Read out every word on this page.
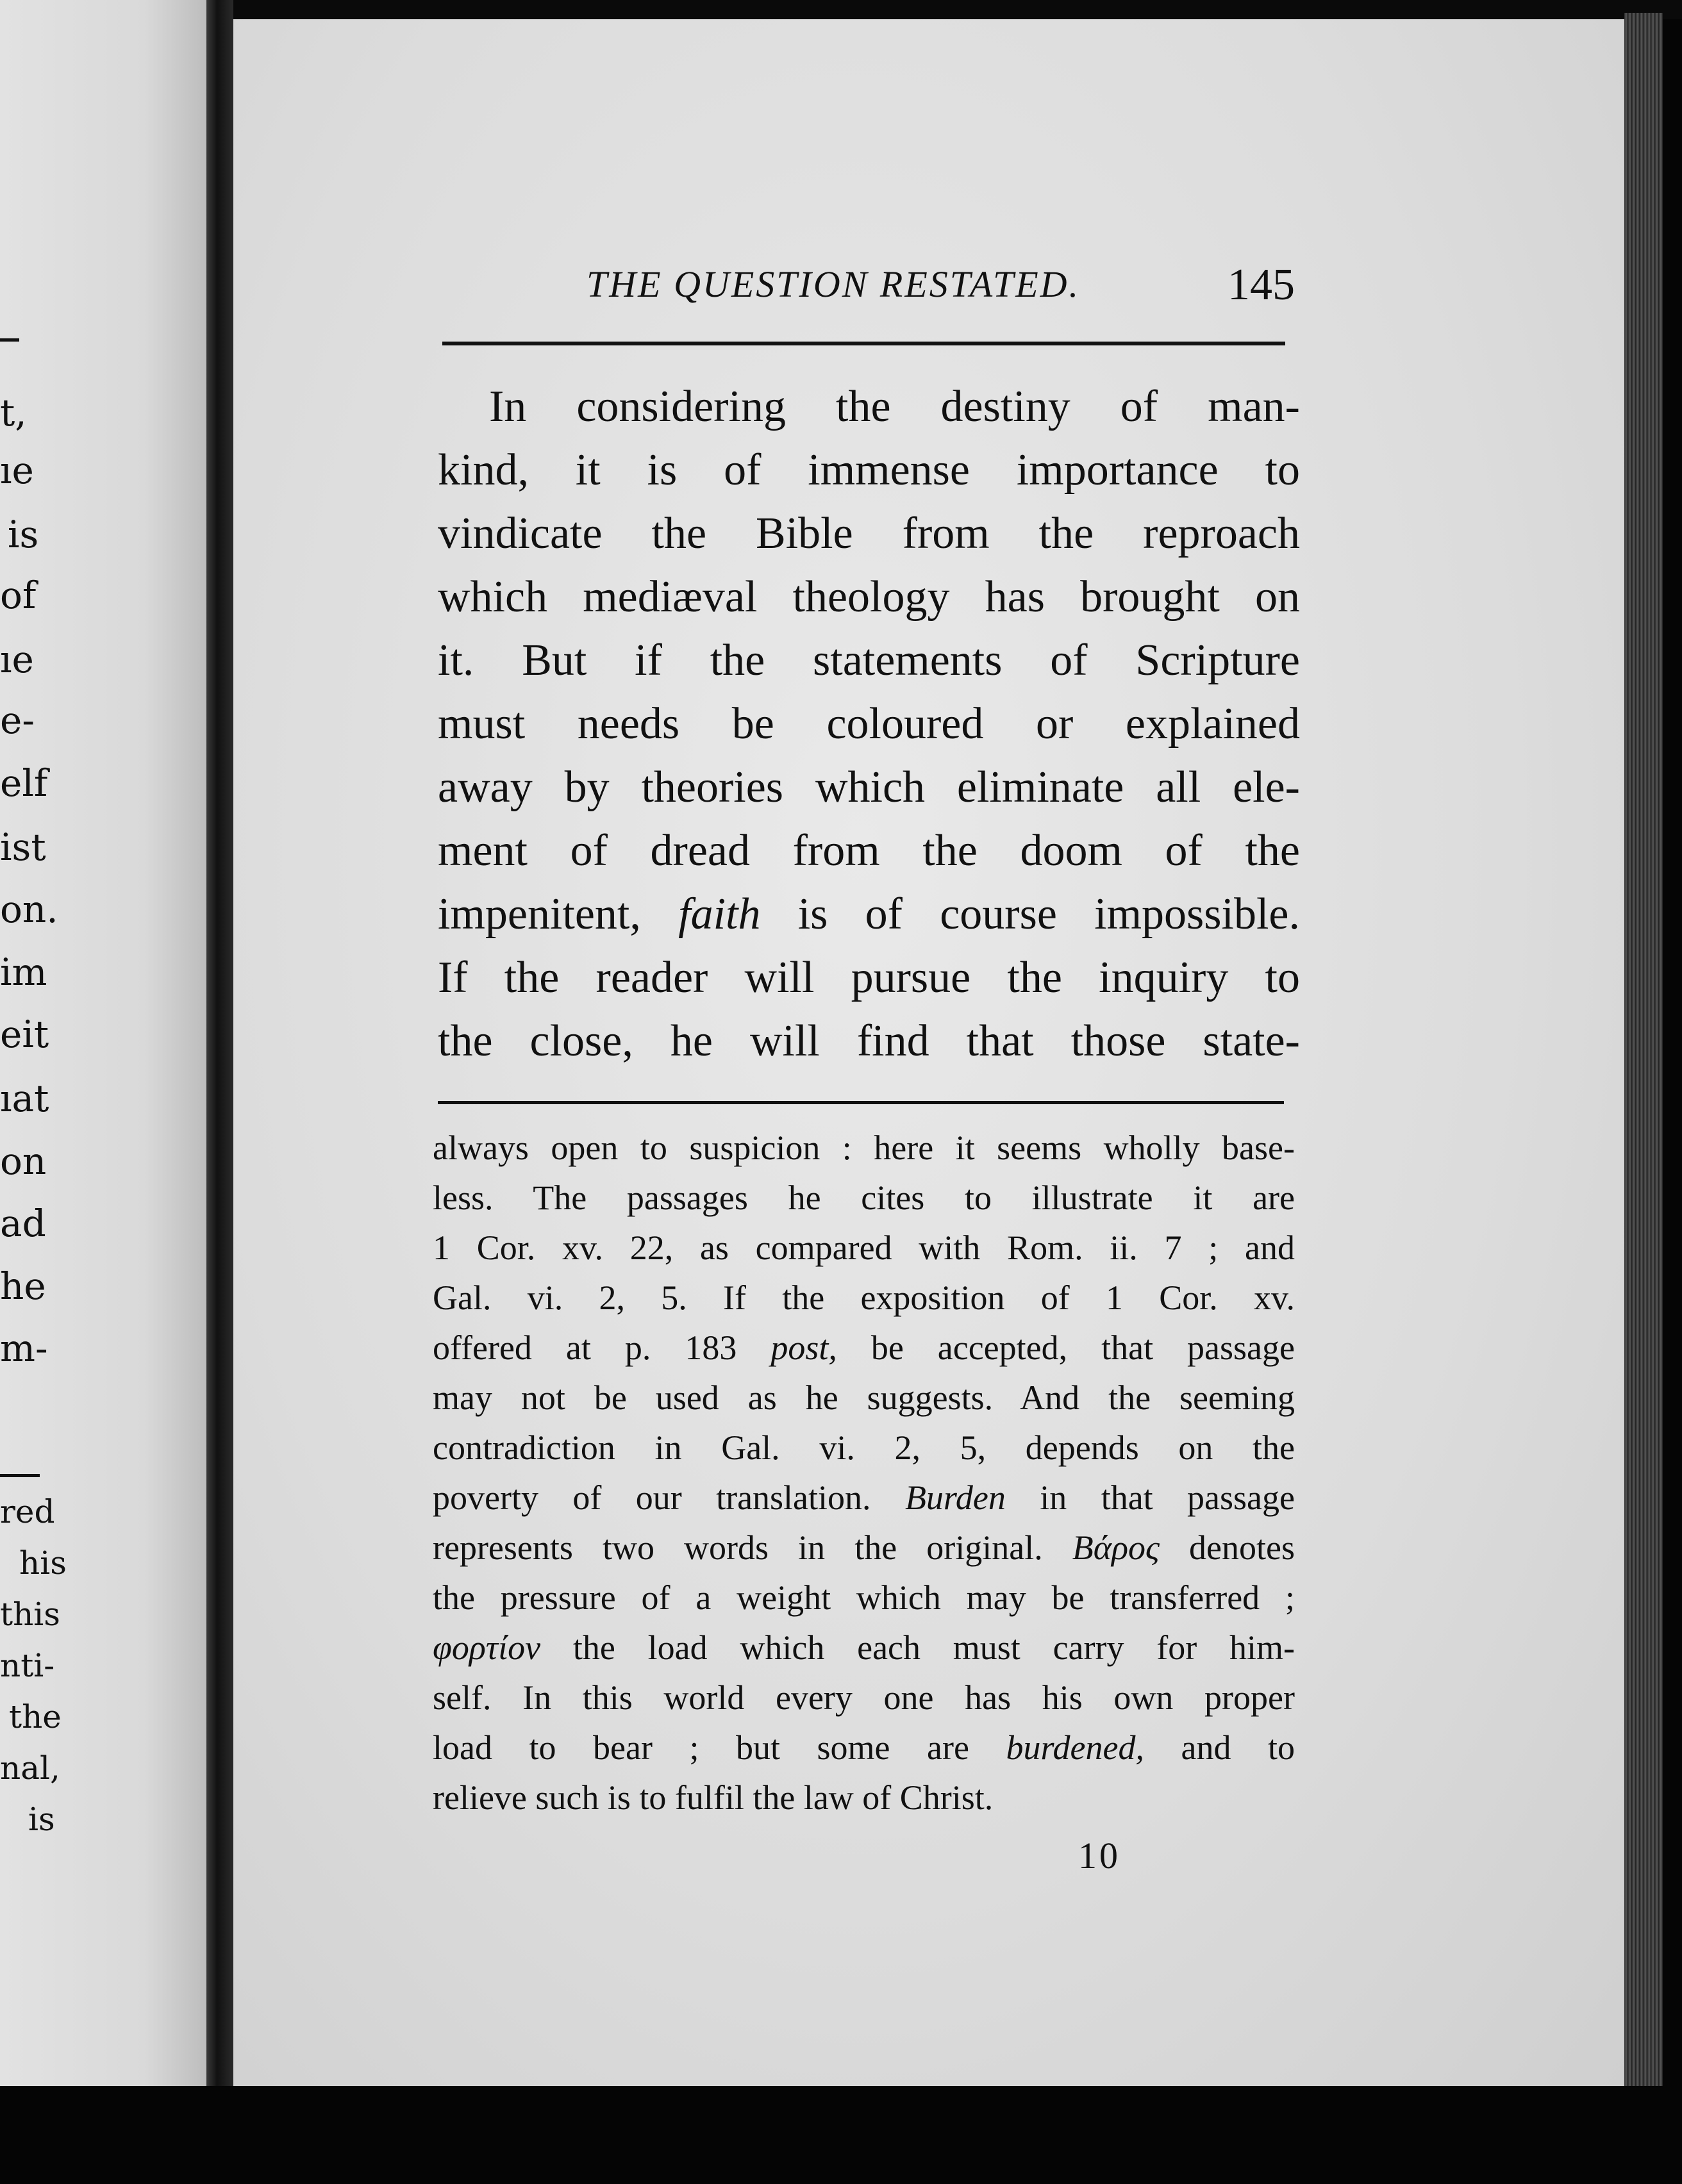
t,
ıe
is
of
ıe
e-
elf
ist
on.
im
eit
ıat
on
ad
he
m-
red
his
this
nti-
the
nal,
is
THE QUESTION RESTATED.	145
In considering the destiny of man-
kind, it is of immense importance to
vindicate the Bible from the reproach
which mediæval theology has brought on
it. But if the statements of Scripture
must needs be coloured or explained
away by theories which eliminate all ele-
ment of dread from the doom of the
impenitent, faith is of course impossible.
If the reader will pursue the inquiry to
the close, he will find that those state-
always open to suspicion : here it seems wholly base-
less. The passages he cites to illustrate it are
1 Cor. xv. 22, as compared with Rom. ii. 7 ; and
Gal. vi. 2, 5. If the exposition of 1 Cor. xv.
offered at p. 183 post, be accepted, that passage
may not be used as he suggests. And the seeming
contradiction in Gal. vi. 2, 5, depends on the
poverty of our translation. Burden in that passage
represents two words in the original. Βάρος denotes
the pressure of a weight which may be transferred ;
φορτίον the load which each must carry for him-
self. In this world every one has his own proper
load to bear ; but some are burdened, and to
relieve such is to fulfil the law of Christ.
10
